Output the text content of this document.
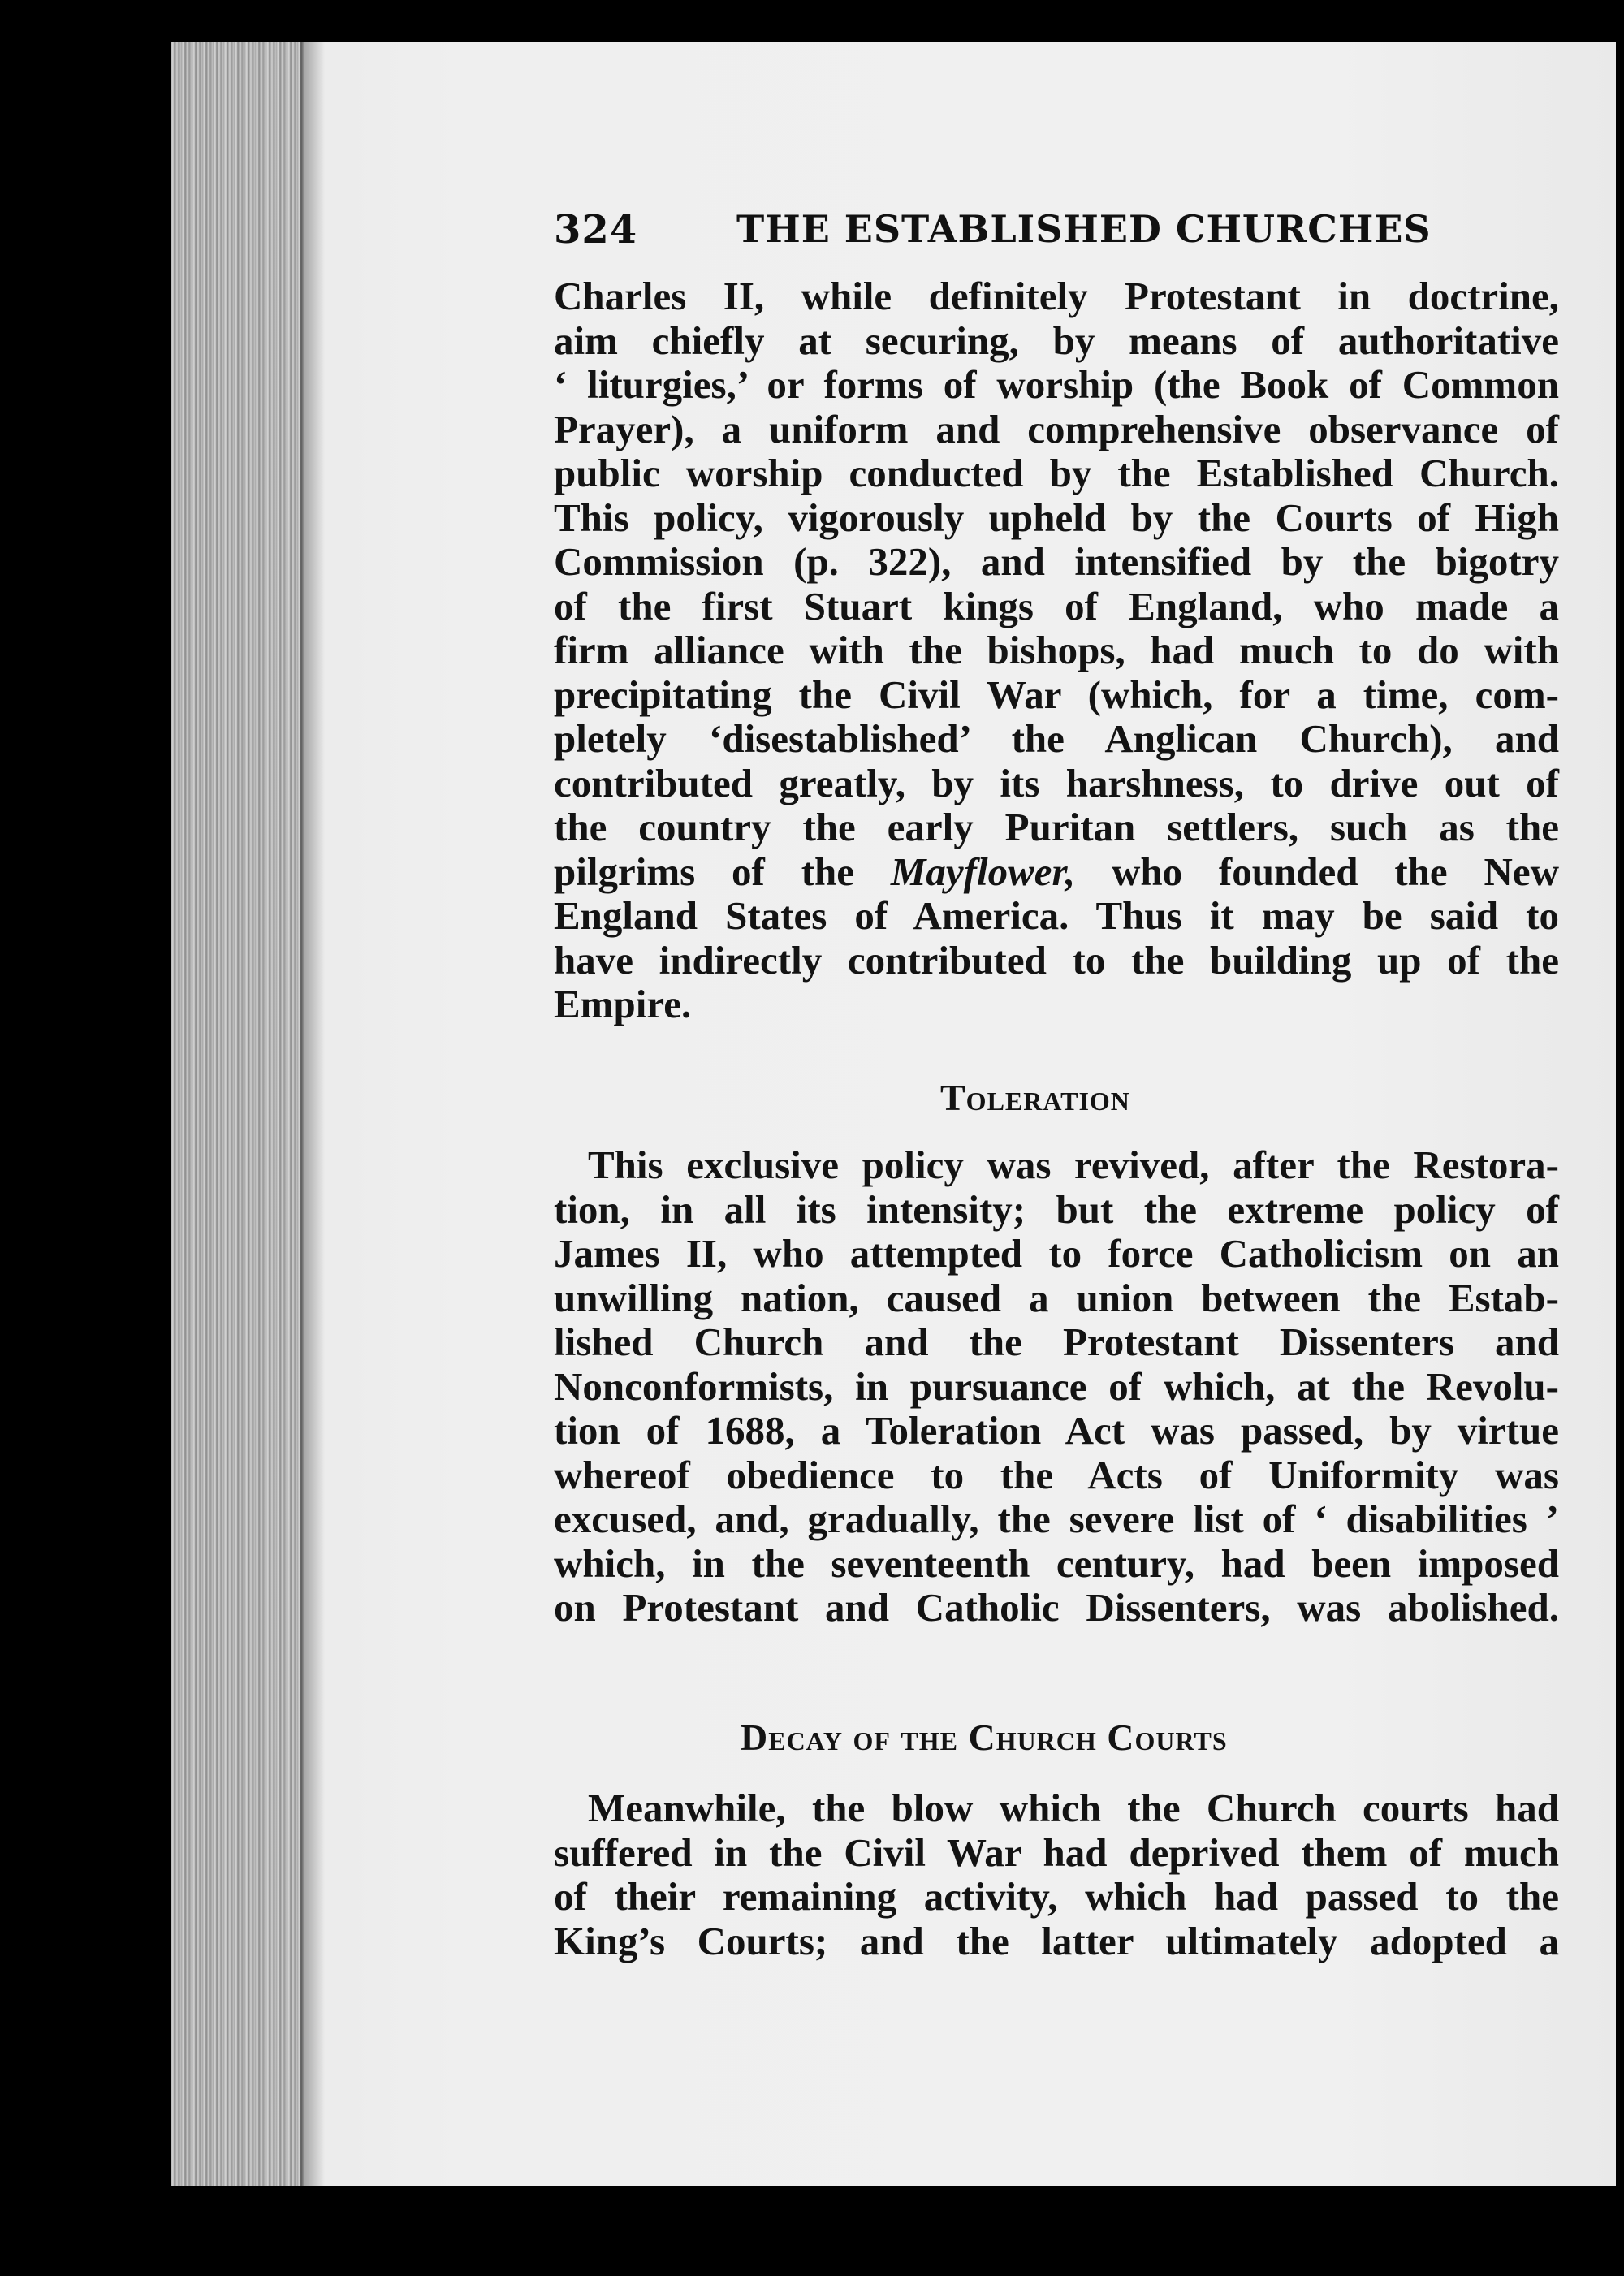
324	THE ESTABLISHED CHURCHES
Charles II, while definitely Protestant in doctrine,
aim chiefly at securing, by means of authoritative
‘ liturgies,’ or forms of worship (the Book of Common
Prayer), a uniform and comprehensive observance of
public worship conducted by the Established Church.
This policy, vigorously upheld by the Courts of High
Commission (p. 322), and intensified by the bigotry
of the first Stuart kings of England, who made a
firm alliance with the bishops, had much to do with
precipitating the Civil War (which, for a time, com-
pletely ‘disestablished’ the Anglican Church), and
contributed greatly, by its harshness, to drive out of
the country the early Puritan settlers, such as the
pilgrims of the Mayflower, who founded the New
England States of America. Thus it may be said to
have indirectly contributed to the building up of the
Empire.
Toleration
This exclusive policy was revived, after the Restora-
tion, in all its intensity; but the extreme policy of
James II, who attempted to force Catholicism on an
unwilling nation, caused a union between the Estab-
lished Church and the Protestant Dissenters and
Nonconformists, in pursuance of which, at the Revolu-
tion of 1688, a Toleration Act was passed, by virtue
whereof obedience to the Acts of Uniformity was
excused, and, gradually, the severe list of ‘ disabilities ’
which, in the seventeenth century, had been imposed
on Protestant and Catholic Dissenters, was abolished.
Decay of the Church Courts
Meanwhile, the blow which the Church courts had
suffered in the Civil War had deprived them of much
of their remaining activity, which had passed to the
King’s Courts; and the latter ultimately adopted a
